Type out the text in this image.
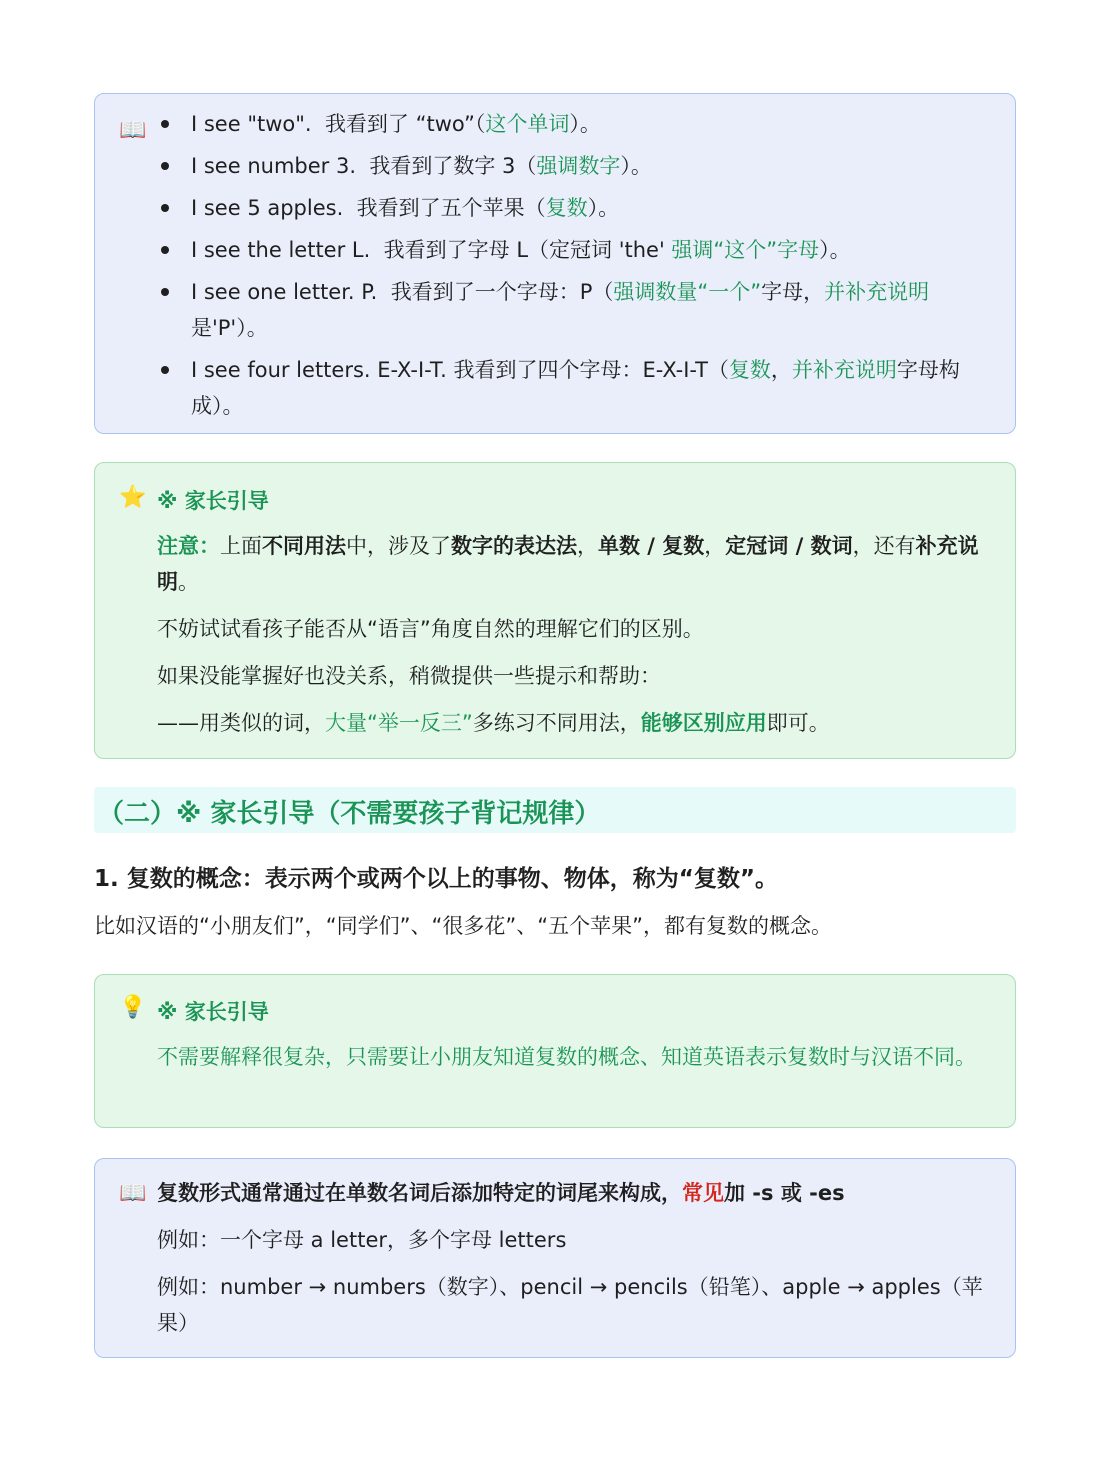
📖	I see "two". 我看到了 “two”（这个单词）。
I see number 3. 我看到了数字 3（强调数字）。
I see 5 apples. 我看到了五个苹果（复数）。
I see the letter L. 我看到了字母 L（定冠词 'the' 强调“这个”字母）。
I see one letter. P. 我看到了一个字母：P（强调数量“一个”字母，并补充说明是'P'）。
I see four letters. E-X-I-T. 我看到了四个字母：E-X-I-T（复数，并补充说明字母构成）。
⭐ ※ 家长引导
注意：上面不同用法中，涉及了数字的表达法，单数 / 复数，定冠词 / 数词，还有补充说明。
不妨试试看孩子能否从“语言”角度自然的理解它们的区别。
如果没能掌握好也没关系，稍微提供一些提示和帮助：
——用类似的词，大量“举一反三”多练习不同用法，能够区别应用即可。
（二）※ 家长引导（不需要孩子背记规律）
1. 复数的概念：表示两个或两个以上的事物、物体，称为“复数”。
比如汉语的“小朋友们”，“同学们”、“很多花”、“五个苹果”，都有复数的概念。
💡 ※ 家长引导
不需要解释很复杂，只需要让小朋友知道复数的概念、知道英语表示复数时与汉语不同。
📖 复数形式通常通过在单数名词后添加特定的词尾来构成，常见加 -s 或 -es
例如：一个字母 a letter，多个字母 letters
例如：number → numbers（数字）、pencil → pencils（铅笔）、apple → apples（苹果）
